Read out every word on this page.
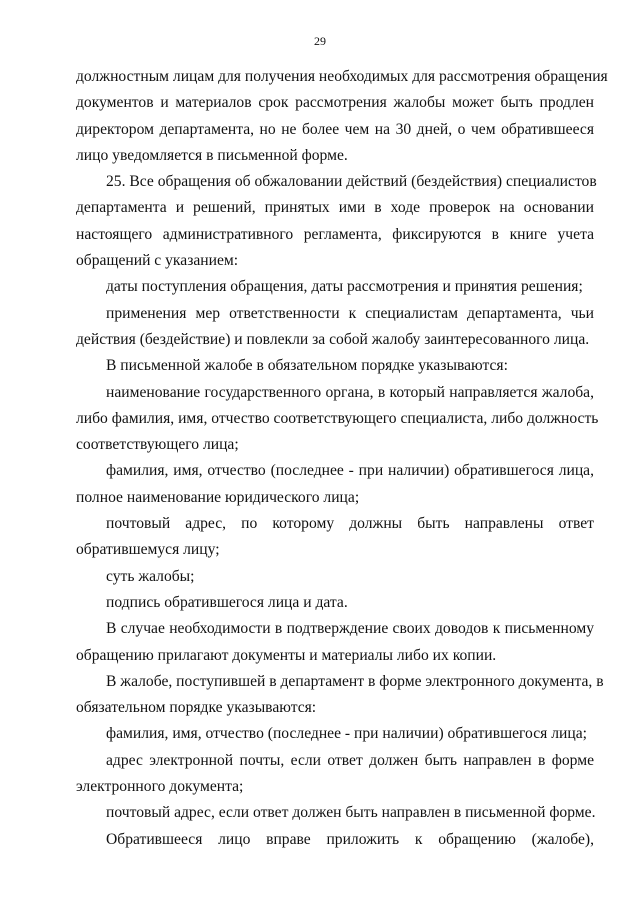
29
должностным лицам для получения необходимых для рассмотрения обращения
документов и материалов срок рассмотрения жалобы может быть продлен
директором департамента, но не более чем на 30 дней, о чем обратившееся
лицо уведомляется в письменной форме.
25. Все обращения об обжаловании действий (бездействия) специалистов
департамента и решений, принятых ими в ходе проверок на основании
настоящего административного регламента, фиксируются в книге учета
обращений с указанием:
даты поступления обращения, даты рассмотрения и принятия решения;
применения мер ответственности к специалистам департамента, чьи
действия (бездействие) и повлекли за собой жалобу заинтересованного лица.
В письменной жалобе в обязательном порядке указываются:
наименование государственного органа, в который направляется жалоба,
либо фамилия, имя, отчество соответствующего специалиста, либо должность
соответствующего лица;
фамилия, имя, отчество (последнее - при наличии) обратившегося лица,
полное наименование юридического лица;
почтовый адрес, по которому должны быть направлены ответ
обратившемуся лицу;
суть жалобы;
подпись обратившегося лица и дата.
В случае необходимости в подтверждение своих доводов к письменному
обращению прилагают документы и материалы либо их копии.
В жалобе, поступившей в департамент в форме электронного документа, в
обязательном порядке указываются:
фамилия, имя, отчество (последнее - при наличии) обратившегося лица;
адрес электронной почты, если ответ должен быть направлен в форме
электронного документа;
почтовый адрес, если ответ должен быть направлен в письменной форме.
Обратившееся лицо вправе приложить к обращению (жалобе),
